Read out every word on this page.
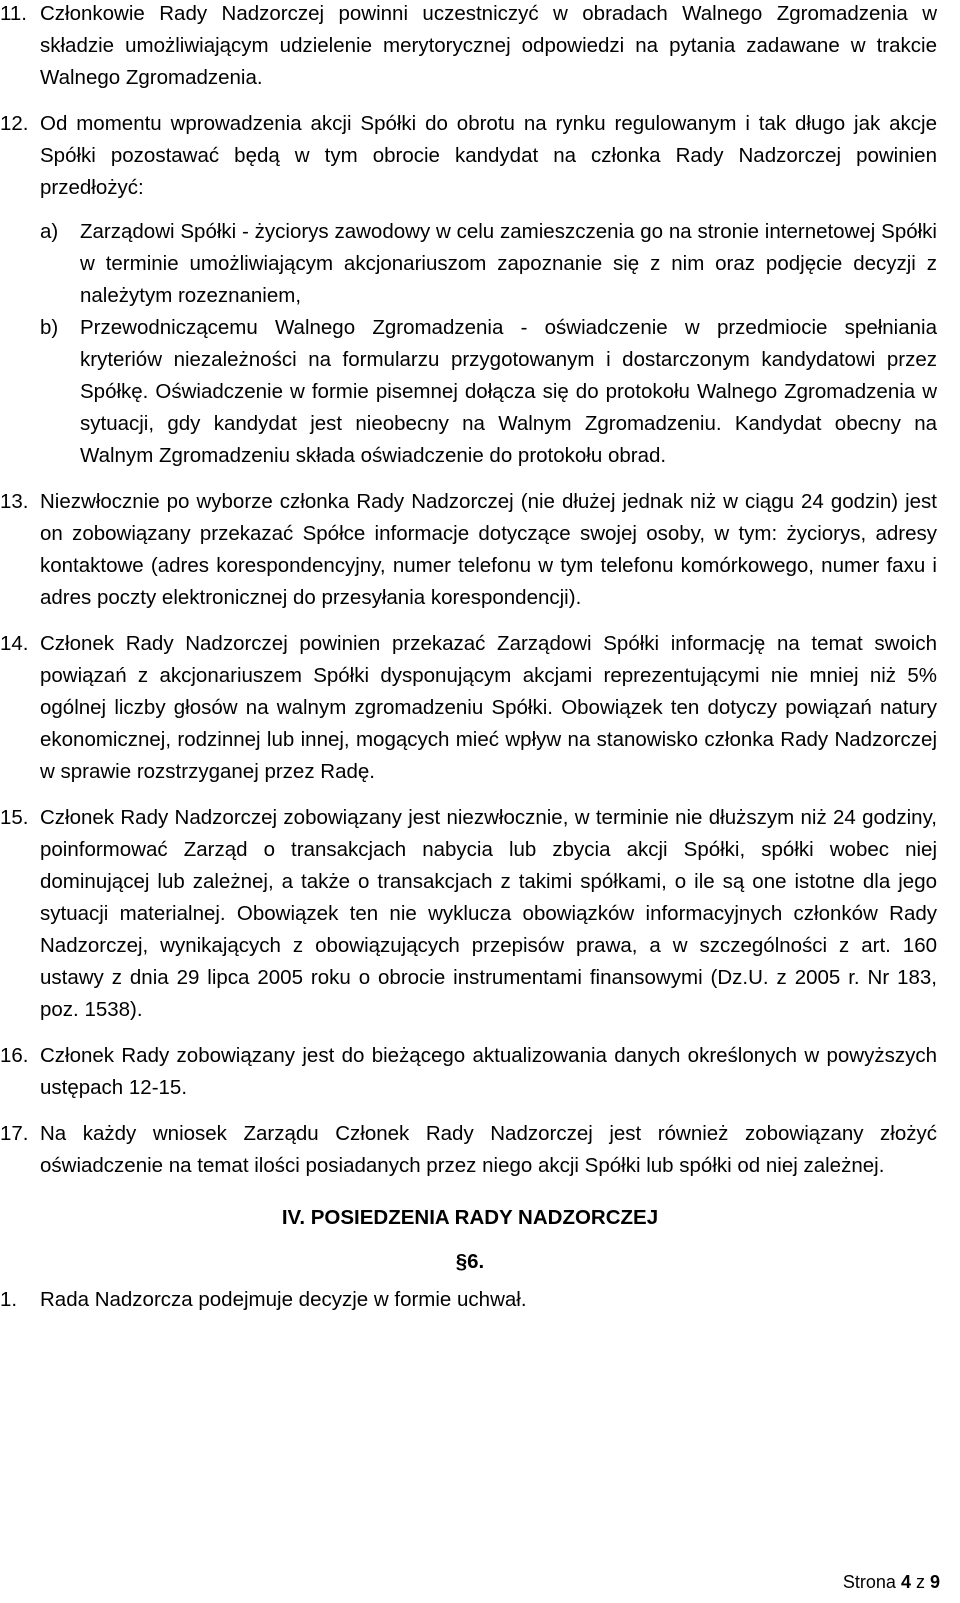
11. Członkowie Rady Nadzorczej powinni uczestniczyć w obradach Walnego Zgromadzenia w składzie umożliwiającym udzielenie merytorycznej odpowiedzi na pytania zadawane w trakcie Walnego Zgromadzenia.
12. Od momentu wprowadzenia akcji Spółki do obrotu na rynku regulowanym i tak długo jak akcje Spółki pozostawać będą w tym obrocie kandydat na członka Rady Nadzorczej powinien przedłożyć:
a) Zarządowi Spółki - życiorys zawodowy w celu zamieszczenia go na stronie internetowej Spółki w terminie umożliwiającym akcjonariuszom zapoznanie się z nim oraz podjęcie decyzji z należytym rozeznaniem,
b) Przewodniczącemu Walnego Zgromadzenia - oświadczenie w przedmiocie spełniania kryteriów niezależności na formularzu przygotowanym i dostarczonym kandydatowi przez Spółkę. Oświadczenie w formie pisemnej dołącza się do protokołu Walnego Zgromadzenia w sytuacji, gdy kandydat jest nieobecny na Walnym Zgromadzeniu. Kandydat obecny na Walnym Zgromadzeniu składa oświadczenie do protokołu obrad.
13. Niezwłocznie po wyborze członka Rady Nadzorczej (nie dłużej jednak niż w ciągu 24 godzin) jest on zobowiązany przekazać Spółce informacje dotyczące swojej osoby, w tym: życiorys, adresy kontaktowe (adres korespondencyjny, numer telefonu w tym telefonu komórkowego, numer faxu i adres poczty elektronicznej do przesyłania korespondencji).
14. Członek Rady Nadzorczej powinien przekazać Zarządowi Spółki informację na temat swoich powiązań z akcjonariuszem Spółki dysponującym akcjami reprezentującymi nie mniej niż 5% ogólnej liczby głosów na walnym zgromadzeniu Spółki. Obowiązek ten dotyczy powiązań natury ekonomicznej, rodzinnej lub innej, mogących mieć wpływ na stanowisko członka Rady Nadzorczej w sprawie rozstrzyganej przez Radę.
15. Członek Rady Nadzorczej zobowiązany jest niezwłocznie, w terminie nie dłuższym niż 24 godziny, poinformować Zarząd o transakcjach nabycia lub zbycia akcji Spółki, spółki wobec niej dominującej lub zależnej, a także o transakcjach z takimi spółkami, o ile są one istotne dla jego sytuacji materialnej. Obowiązek ten nie wyklucza obowiązków informacyjnych członków Rady Nadzorczej, wynikających z obowiązujących przepisów prawa, a w szczególności z art. 160 ustawy z dnia 29 lipca 2005 roku o obrocie instrumentami finansowymi (Dz.U. z 2005 r. Nr 183, poz. 1538).
16. Członek Rady zobowiązany jest do bieżącego aktualizowania danych określonych w powyższych ustępach 12-15.
17. Na każdy wniosek Zarządu Członek Rady Nadzorczej jest również zobowiązany złożyć oświadczenie na temat ilości posiadanych przez niego akcji Spółki lub spółki od niej zależnej.

IV. POSIEDZENIA RADY NADZORCZEJ

§6.

1. Rada Nadzorcza podejmuje decyzje w formie uchwał.
Strona 4 z 9
